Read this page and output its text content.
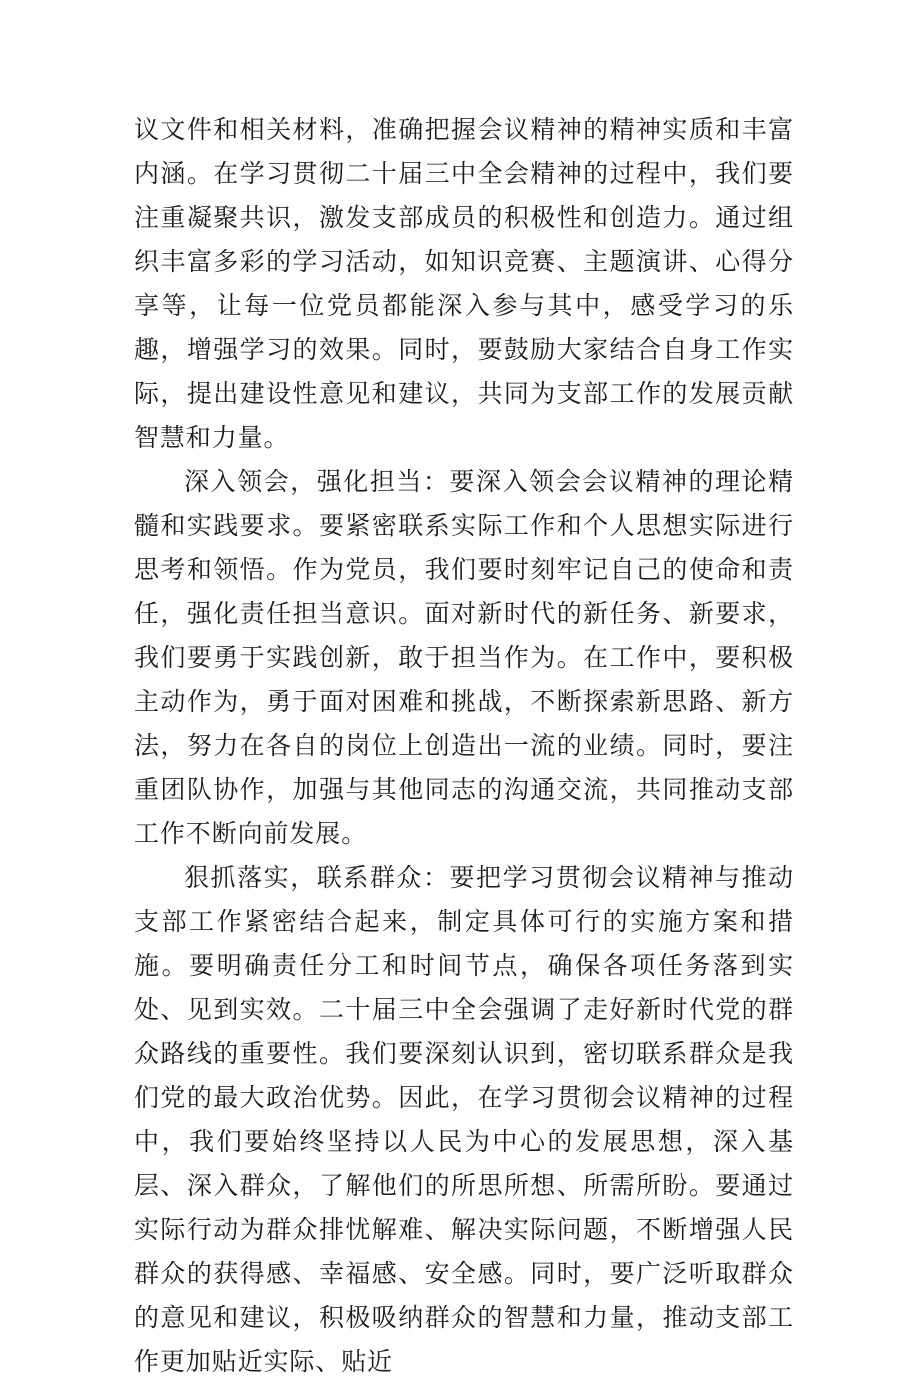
议文件和相关材料，准确把握会议精神的精神实质和丰富内涵。在学习贯彻二十届三中全会精神的过程中，我们要注重凝聚共识，激发支部成员的积极性和创造力。通过组织丰富多彩的学习活动，如知识竞赛、主题演讲、心得分享等，让每一位党员都能深入参与其中，感受学习的乐趣，增强学习的效果。同时，要鼓励大家结合自身工作实际，提出建设性意见和建议，共同为支部工作的发展贡献智慧和力量。

深入领会，强化担当：要深入领会会议精神的理论精髓和实践要求。要紧密联系实际工作和个人思想实际进行思考和领悟。作为党员，我们要时刻牢记自己的使命和责任，强化责任担当意识。面对新时代的新任务、新要求，我们要勇于实践创新，敢于担当作为。在工作中，要积极主动作为，勇于面对困难和挑战，不断探索新思路、新方法，努力在各自的岗位上创造出一流的业绩。同时，要注重团队协作，加强与其他同志的沟通交流，共同推动支部工作不断向前发展。

狠抓落实，联系群众：要把学习贯彻会议精神与推动支部工作紧密结合起来，制定具体可行的实施方案和措施。要明确责任分工和时间节点，确保各项任务落到实处、见到实效。二十届三中全会强调了走好新时代党的群众路线的重要性。我们要深刻认识到，密切联系群众是我们党的最大政治优势。因此，在学习贯彻会议精神的过程中，我们要始终坚持以人民为中心的发展思想，深入基层、深入群众，了解他们的所思所想、所需所盼。要通过实际行动为群众排忧解难、解决实际问题，不断增强人民群众的获得感、幸福感、安全感。同时，要广泛听取群众的意见和建议，积极吸纳群众的智慧和力量，推动支部工作更加贴近实际、贴近
